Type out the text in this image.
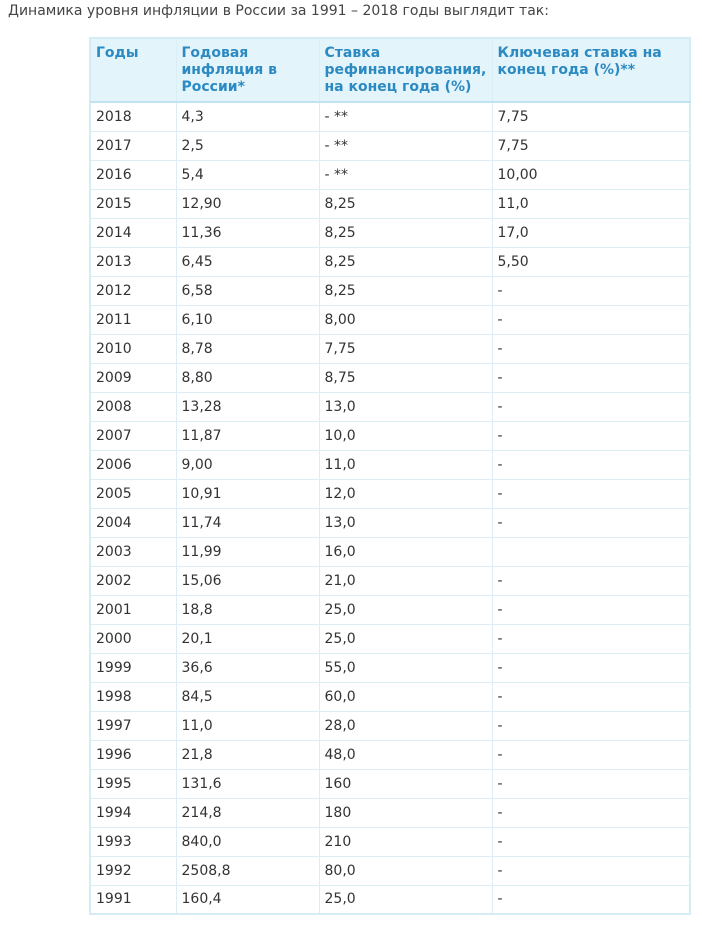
Динамика уровня инфляции в России за 1991 – 2018 годы выглядит так:
Годы	Годовая инфляция в России*	Ставка рефинансирования, на конец года (%)	Ключевая ставка на конец года (%)**
2018	4,3	- **	7,75
2017	2,5	- **	7,75
2016	5,4	- **	10,00
2015	12,90	8,25	11,0
2014	11,36	8,25	17,0
2013	6,45	8,25	5,50
2012	6,58	8,25	-
2011	6,10	8,00	-
2010	8,78	7,75	-
2009	8,80	8,75	-
2008	13,28	13,0	-
2007	11,87	10,0	-
2006	9,00	11,0	-
2005	10,91	12,0	-
2004	11,74	13,0	-
2003	11,99	16,0	
2002	15,06	21,0	-
2001	18,8	25,0	-
2000	20,1	25,0	-
1999	36,6	55,0	-
1998	84,5	60,0	-
1997	11,0	28,0	-
1996	21,8	48,0	-
1995	131,6	160	-
1994	214,8	180	-
1993	840,0	210	-
1992	2508,8	80,0	-
1991	160,4	25,0	-
